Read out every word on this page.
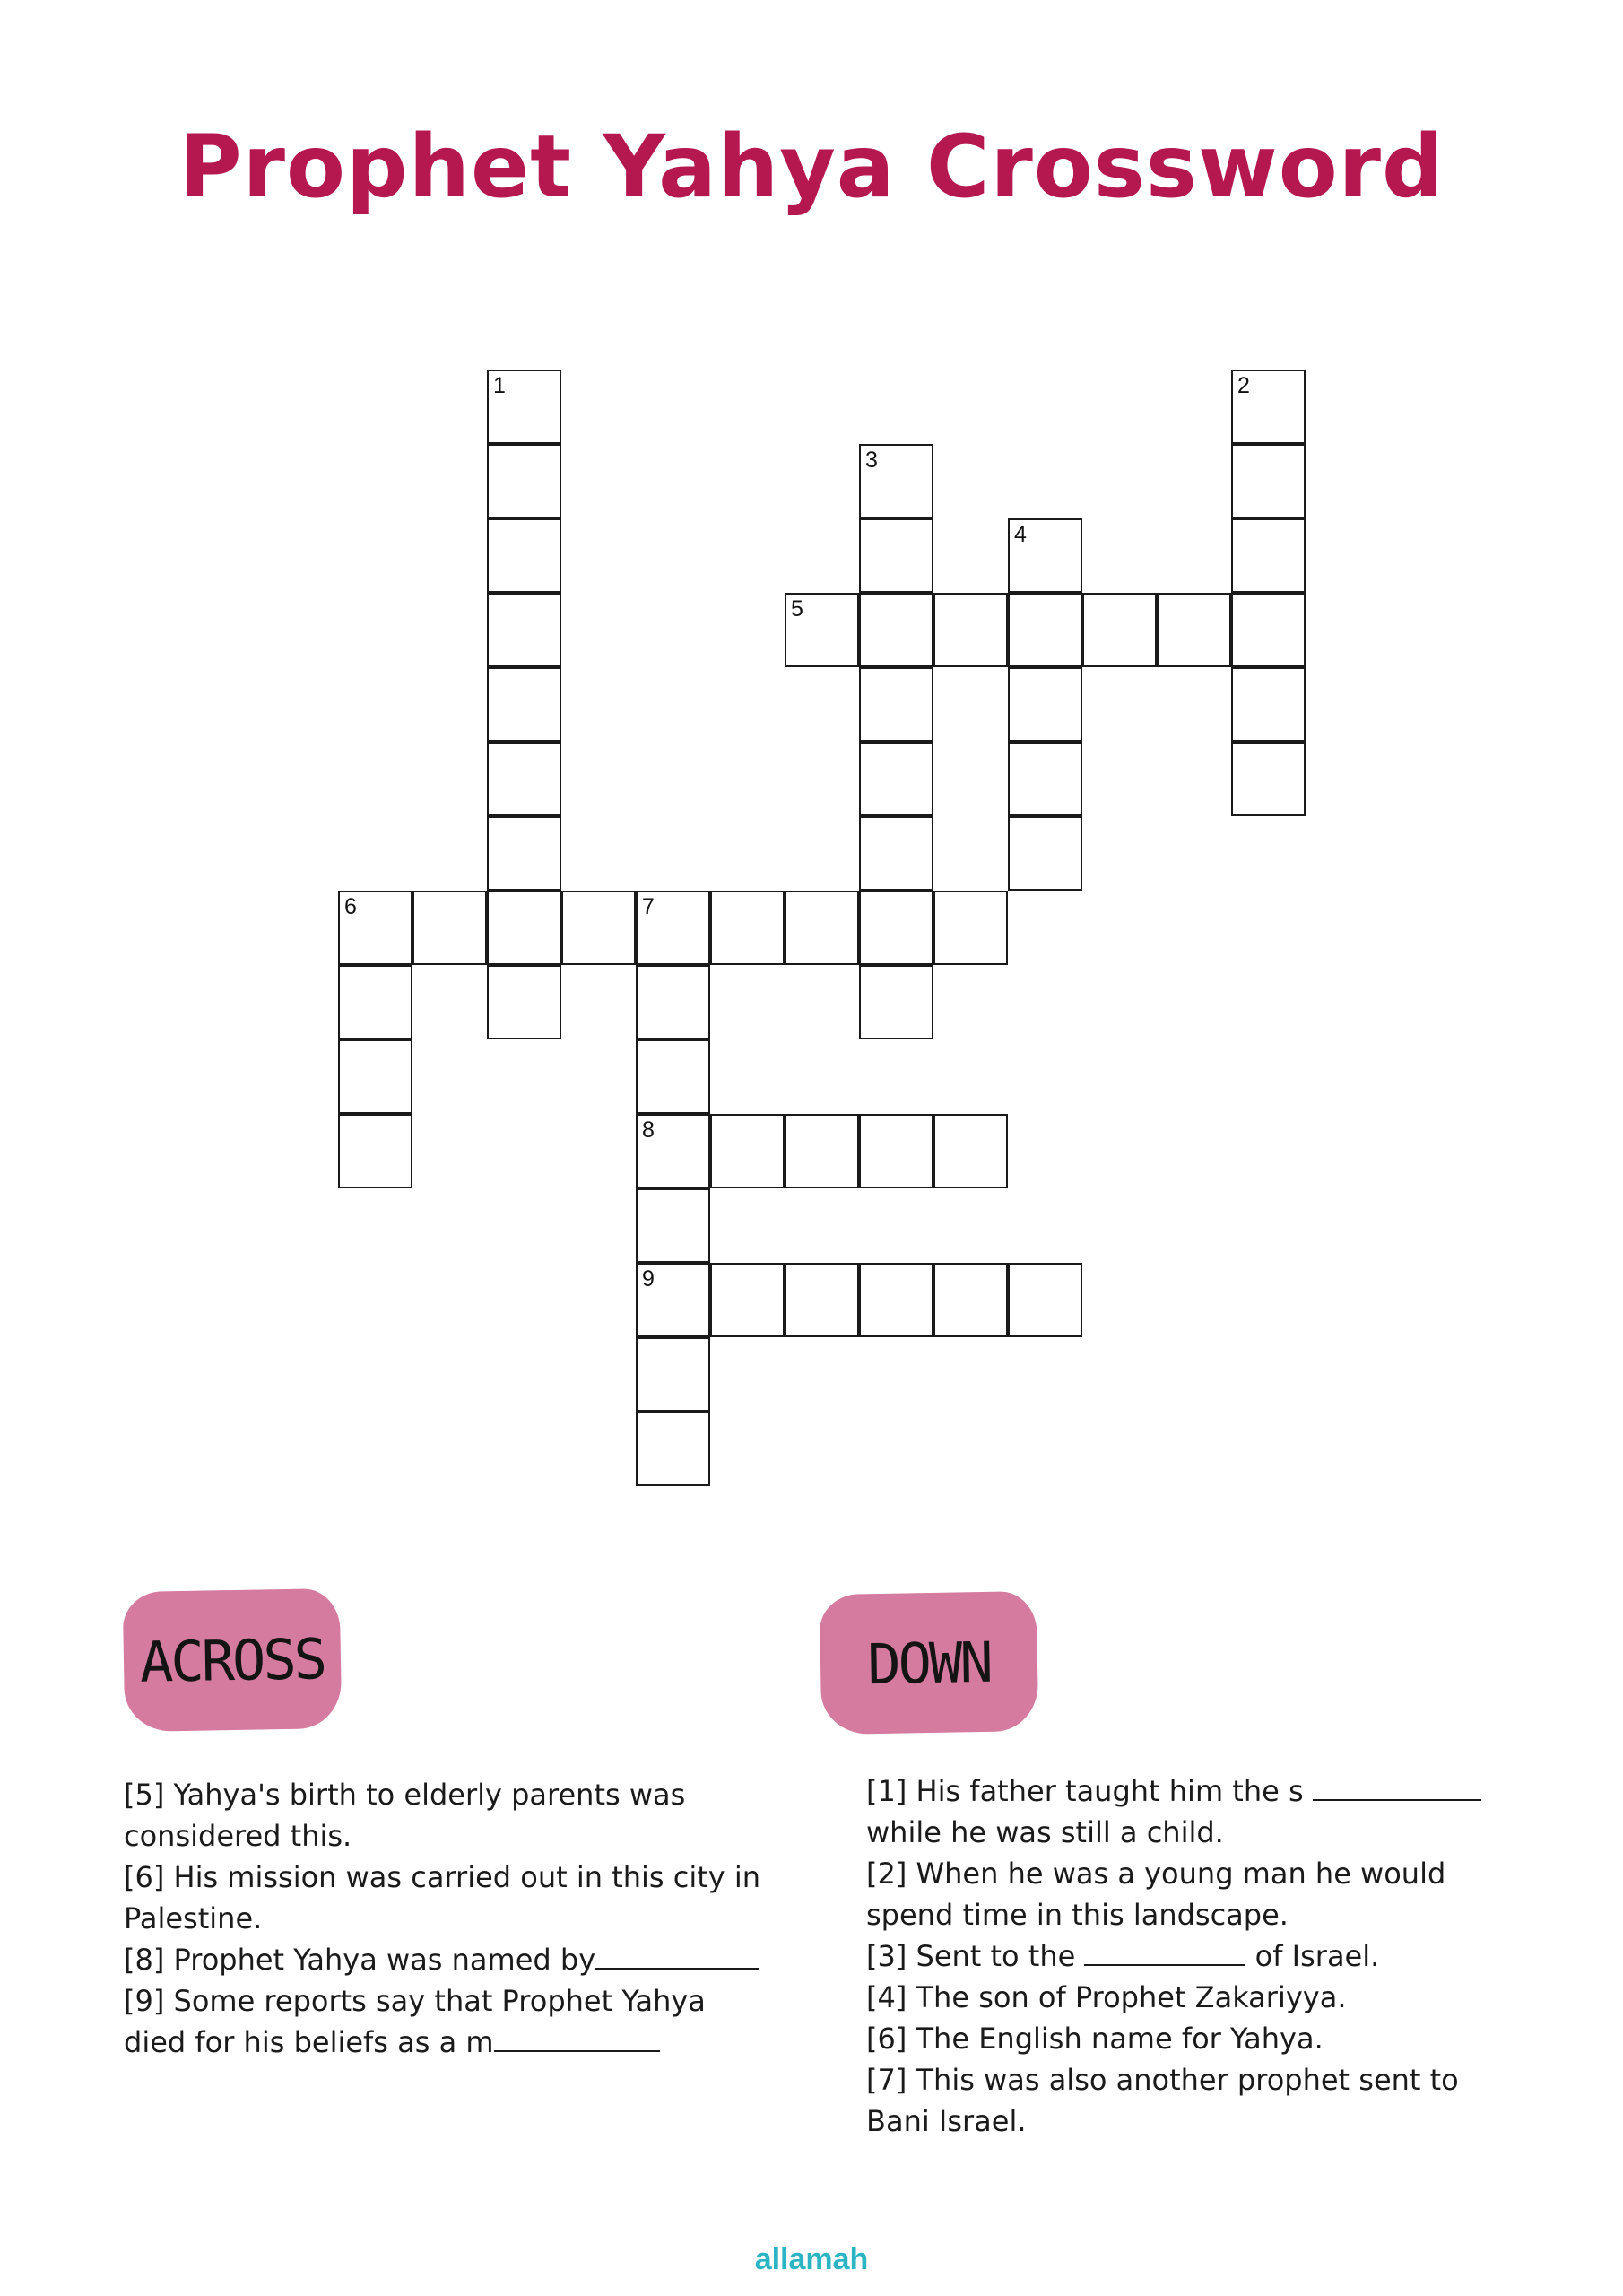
Prophet Yahya Crossword
1	2
3
4
5
6	7
8
9
ACROSS	DOWN

[5] Yahya's birth to elderly parents was
considered this.

[6] His mission was carried out in this city in
Palestine.

[8] Prophet Yahya was named by

[9] Some reports say that Prophet Yahya
died for his beliefs as a m

[1] His father taught him the s
while he was still a child.

[2] When he was a young man he would
spend time in this landscape.

[3] Sent to the	of Israel.

[4] The son of Prophet Zakariyya.

[6] The English name for Yahya.

[7] This was also another prophet sent to
Bani Israel.

allamah
